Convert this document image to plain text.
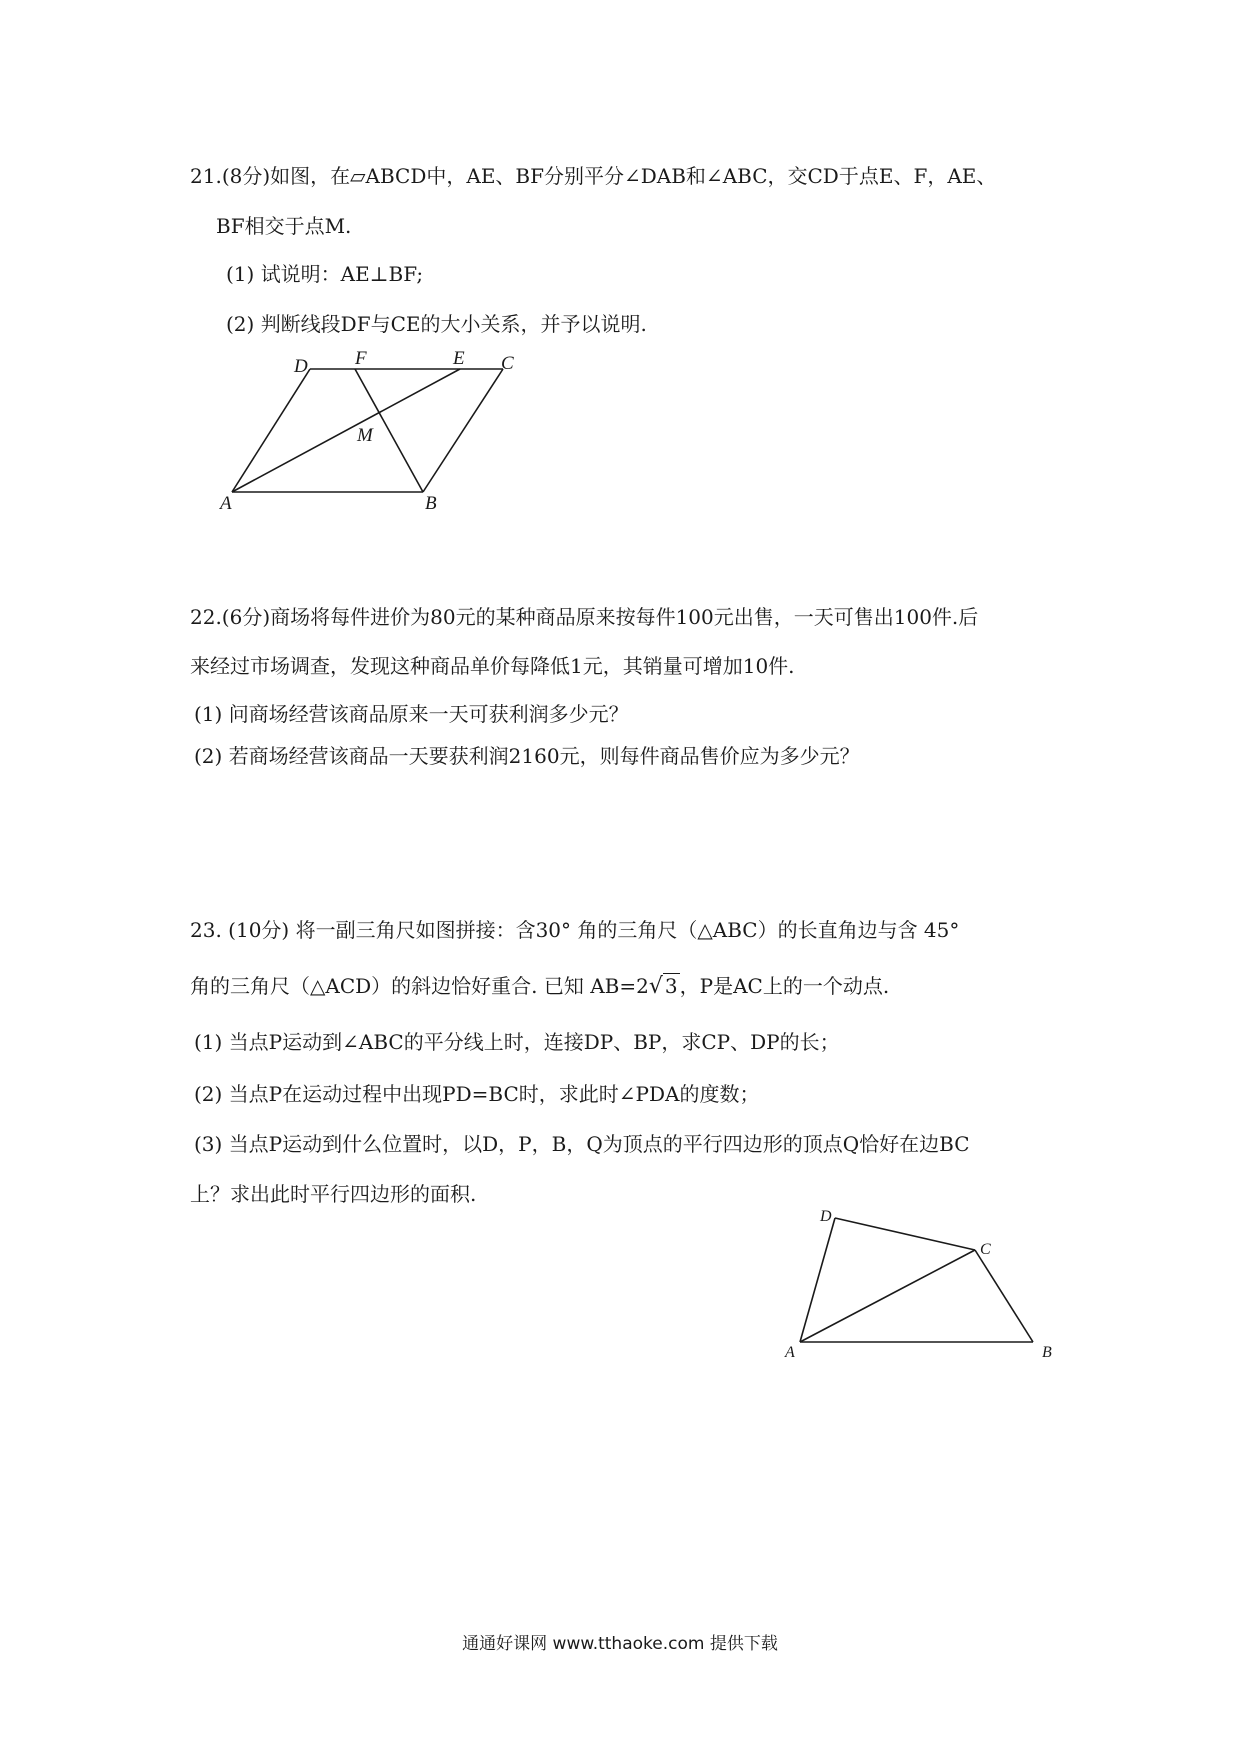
21.(8分)如图，在▱ABCD中，AE、BF分别平分∠DAB和∠ABC，交CD于点E、F，AE、
BF相交于点M.
(1) 试说明：AE⊥BF;
(2) 判断线段DF与CE的大小关系，并予以说明.
D F	E C
M
A	B
22.(6分)商场将每件进价为80元的某种商品原来按每件100元出售，一天可售出100件.后
来经过市场调查，发现这种商品单价每降低1元，其销量可增加10件.
(1) 问商场经营该商品原来一天可获利润多少元？
(2) 若商场经营该商品一天要获利润2160元，则每件商品售价应为多少元？
23. (10分) 将一副三角尺如图拼接：含30° 角的三角尺（△ABC）的长直角边与含 45°
角的三角尺（△ACD）的斜边恰好重合. 已知 AB=2√ 3 ，P是AC上的一个动点.
(1) 当点P运动到∠ABC的平分线上时，连接DP、BP，求CP、DP的长；
(2) 当点P在运动过程中出现PD=BC时，求此时∠PDA的度数；
(3) 当点P运动到什么位置时，以D，P，B，Q为顶点的平行四边形的顶点Q恰好在边BC
上？求出此时平行四边形的面积.
D
C
A	B
通通好课网 www.tthaoke.com 提供下载
